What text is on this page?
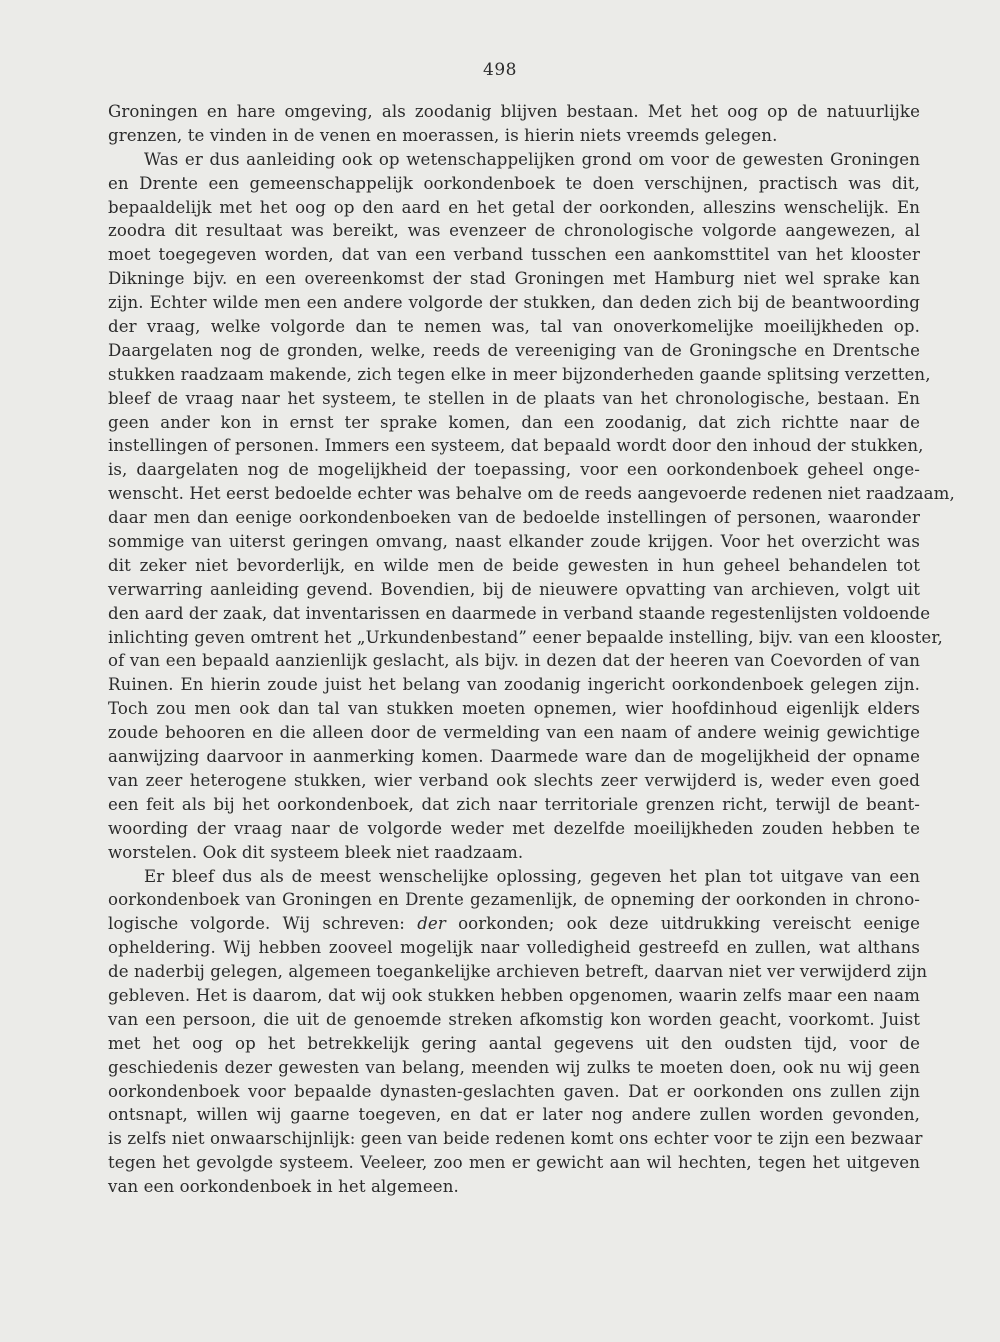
498
Groningen en hare omgeving, als zoodanig blijven bestaan. Met het oog op de natuurlijke
grenzen, te vinden in de venen en moerassen, is hierin niets vreemds gelegen.
Was er dus aanleiding ook op wetenschappelijken grond om voor de gewesten Groningen
en Drente een gemeenschappelijk oorkondenboek te doen verschijnen, practisch was dit,
bepaaldelijk met het oog op den aard en het getal der oorkonden, alleszins wenschelijk. En
zoodra dit resultaat was bereikt, was evenzeer de chronologische volgorde aangewezen, al
moet toegegeven worden, dat van een verband tusschen een aankomsttitel van het klooster
Dikninge bijv. en een overeenkomst der stad Groningen met Hamburg niet wel sprake kan
zijn. Echter wilde men een andere volgorde der stukken, dan deden zich bij de beantwoording
der vraag, welke volgorde dan te nemen was, tal van onoverkomelijke moeilijkheden op.
Daargelaten nog de gronden, welke, reeds de vereeniging van de Groningsche en Drentsche
stukken raadzaam makende, zich tegen elke in meer bijzonderheden gaande splitsing verzetten,
bleef de vraag naar het systeem, te stellen in de plaats van het chronologische, bestaan. En
geen ander kon in ernst ter sprake komen, dan een zoodanig, dat zich richtte naar de
instellingen of personen. Immers een systeem, dat bepaald wordt door den inhoud der stukken,
is, daargelaten nog de mogelijkheid der toepassing, voor een oorkondenboek geheel onge-
wenscht. Het eerst bedoelde echter was behalve om de reeds aangevoerde redenen niet raadzaam,
daar men dan eenige oorkondenboeken van de bedoelde instellingen of personen, waaronder
sommige van uiterst geringen omvang, naast elkander zoude krijgen. Voor het overzicht was
dit zeker niet bevorderlijk, en wilde men de beide gewesten in hun geheel behandelen tot
verwarring aanleiding gevend. Bovendien, bij de nieuwere opvatting van archieven, volgt uit
den aard der zaak, dat inventarissen en daarmede in verband staande regestenlijsten voldoende
inlichting geven omtrent het „Urkundenbestand” eener bepaalde instelling, bijv. van een klooster,
of van een bepaald aanzienlijk geslacht, als bijv. in dezen dat der heeren van Coevorden of van
Ruinen. En hierin zoude juist het belang van zoodanig ingericht oorkondenboek gelegen zijn.
Toch zou men ook dan tal van stukken moeten opnemen, wier hoofdinhoud eigenlijk elders
zoude behooren en die alleen door de vermelding van een naam of andere weinig gewichtige
aanwijzing daarvoor in aanmerking komen. Daarmede ware dan de mogelijkheid der opname
van zeer heterogene stukken, wier verband ook slechts zeer verwijderd is, weder even goed
een feit als bij het oorkondenboek, dat zich naar territoriale grenzen richt, terwijl de beant-
woording der vraag naar de volgorde weder met dezelfde moeilijkheden zouden hebben te
worstelen. Ook dit systeem bleek niet raadzaam.
Er bleef dus als de meest wenschelijke oplossing, gegeven het plan tot uitgave van een
oorkondenboek van Groningen en Drente gezamenlijk, de opneming der oorkonden in chrono-
logische volgorde. Wij schreven: der oorkonden; ook deze uitdrukking vereischt eenige
opheldering. Wij hebben zooveel mogelijk naar volledigheid gestreefd en zullen, wat althans
de naderbij gelegen, algemeen toegankelijke archieven betreft, daarvan niet ver verwijderd zijn
gebleven. Het is daarom, dat wij ook stukken hebben opgenomen, waarin zelfs maar een naam
van een persoon, die uit de genoemde streken afkomstig kon worden geacht, voorkomt. Juist
met het oog op het betrekkelijk gering aantal gegevens uit den oudsten tijd, voor de
geschiedenis dezer gewesten van belang, meenden wij zulks te moeten doen, ook nu wij geen
oorkondenboek voor bepaalde dynasten-geslachten gaven. Dat er oorkonden ons zullen zijn
ontsnapt, willen wij gaarne toegeven, en dat er later nog andere zullen worden gevonden,
is zelfs niet onwaarschijnlijk: geen van beide redenen komt ons echter voor te zijn een bezwaar
tegen het gevolgde systeem. Veeleer, zoo men er gewicht aan wil hechten, tegen het uitgeven
van een oorkondenboek in het algemeen.
